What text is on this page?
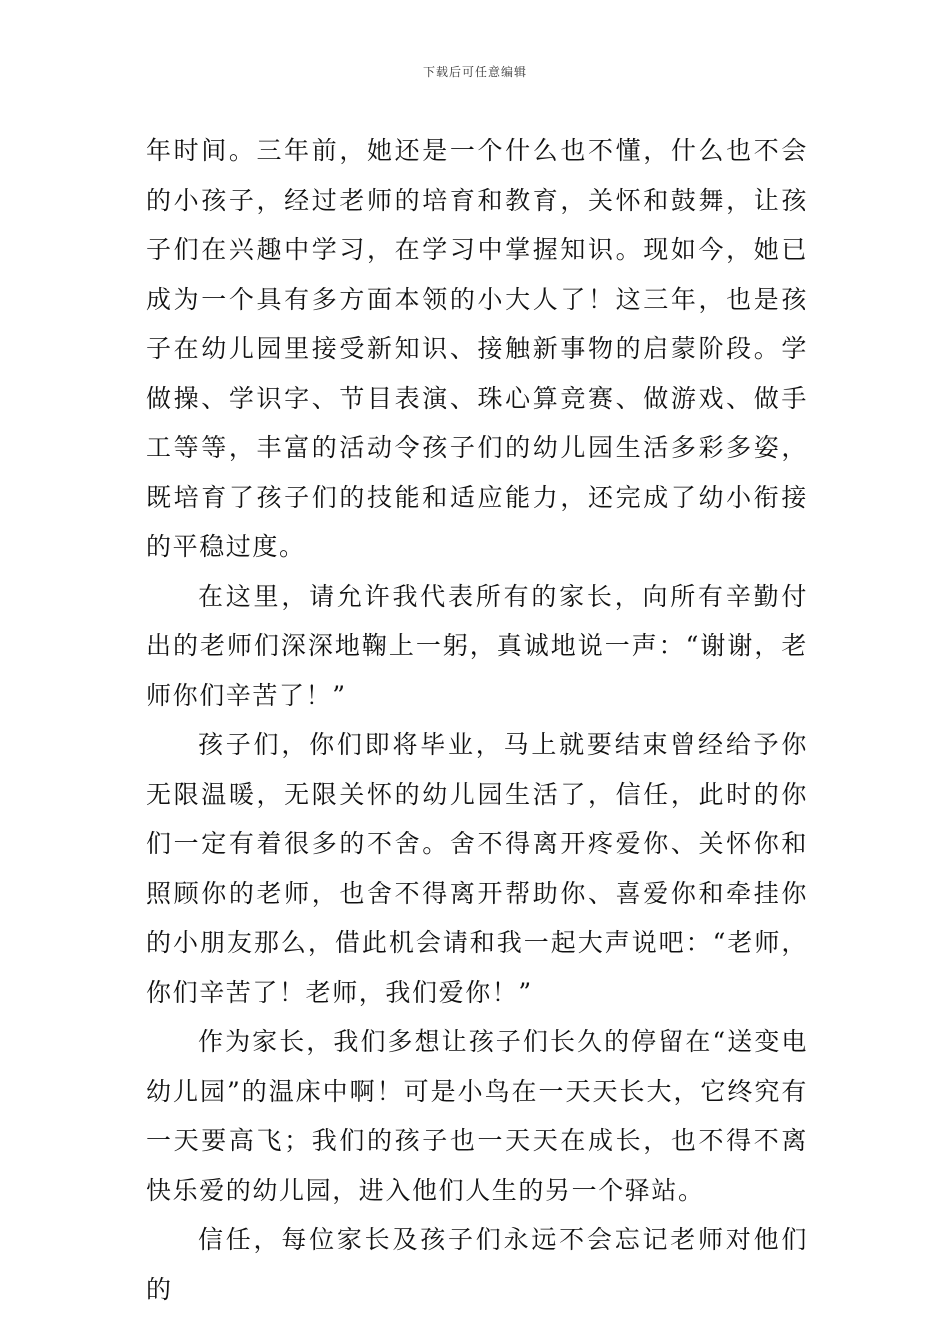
下载后可任意编辑

年时间。三年前，她还是一个什么也不懂，什么也不会的小孩子，经过老师的培育和教育，关怀和鼓舞，让孩子们在兴趣中学习，在学习中掌握知识。现如今，她已成为一个具有多方面本领的小大人了！这三年，也是孩子在幼儿园里接受新知识、接触新事物的启蒙阶段。学做操、学识字、节目表演、珠心算竞赛、做游戏、做手工等等，丰富的活动令孩子们的幼儿园生活多彩多姿，既培育了孩子们的技能和适应能力，还完成了幼小衔接的平稳过度。

在这里，请允许我代表所有的家长，向所有辛勤付出的老师们深深地鞠上一躬，真诚地说一声：“谢谢，老师你们辛苦了！”

孩子们，你们即将毕业，马上就要结束曾经给予你无限温暖，无限关怀的幼儿园生活了，信任，此时的你们一定有着很多的不舍。舍不得离开疼爱你、关怀你和照顾你的老师，也舍不得离开帮助你、喜爱你和牵挂你的小朋友那么，借此机会请和我一起大声说吧：“老师，你们辛苦了！老师，我们爱你！”

作为家长，我们多想让孩子们长久的停留在“送变电幼儿园”的温床中啊！可是小鸟在一天天长大，它终究有一天要高飞；我们的孩子也一天天在成长，也不得不离快乐爱的幼儿园，进入他们人生的另一个驿站。

信任，每位家长及孩子们永远不会忘记老师对他们的
